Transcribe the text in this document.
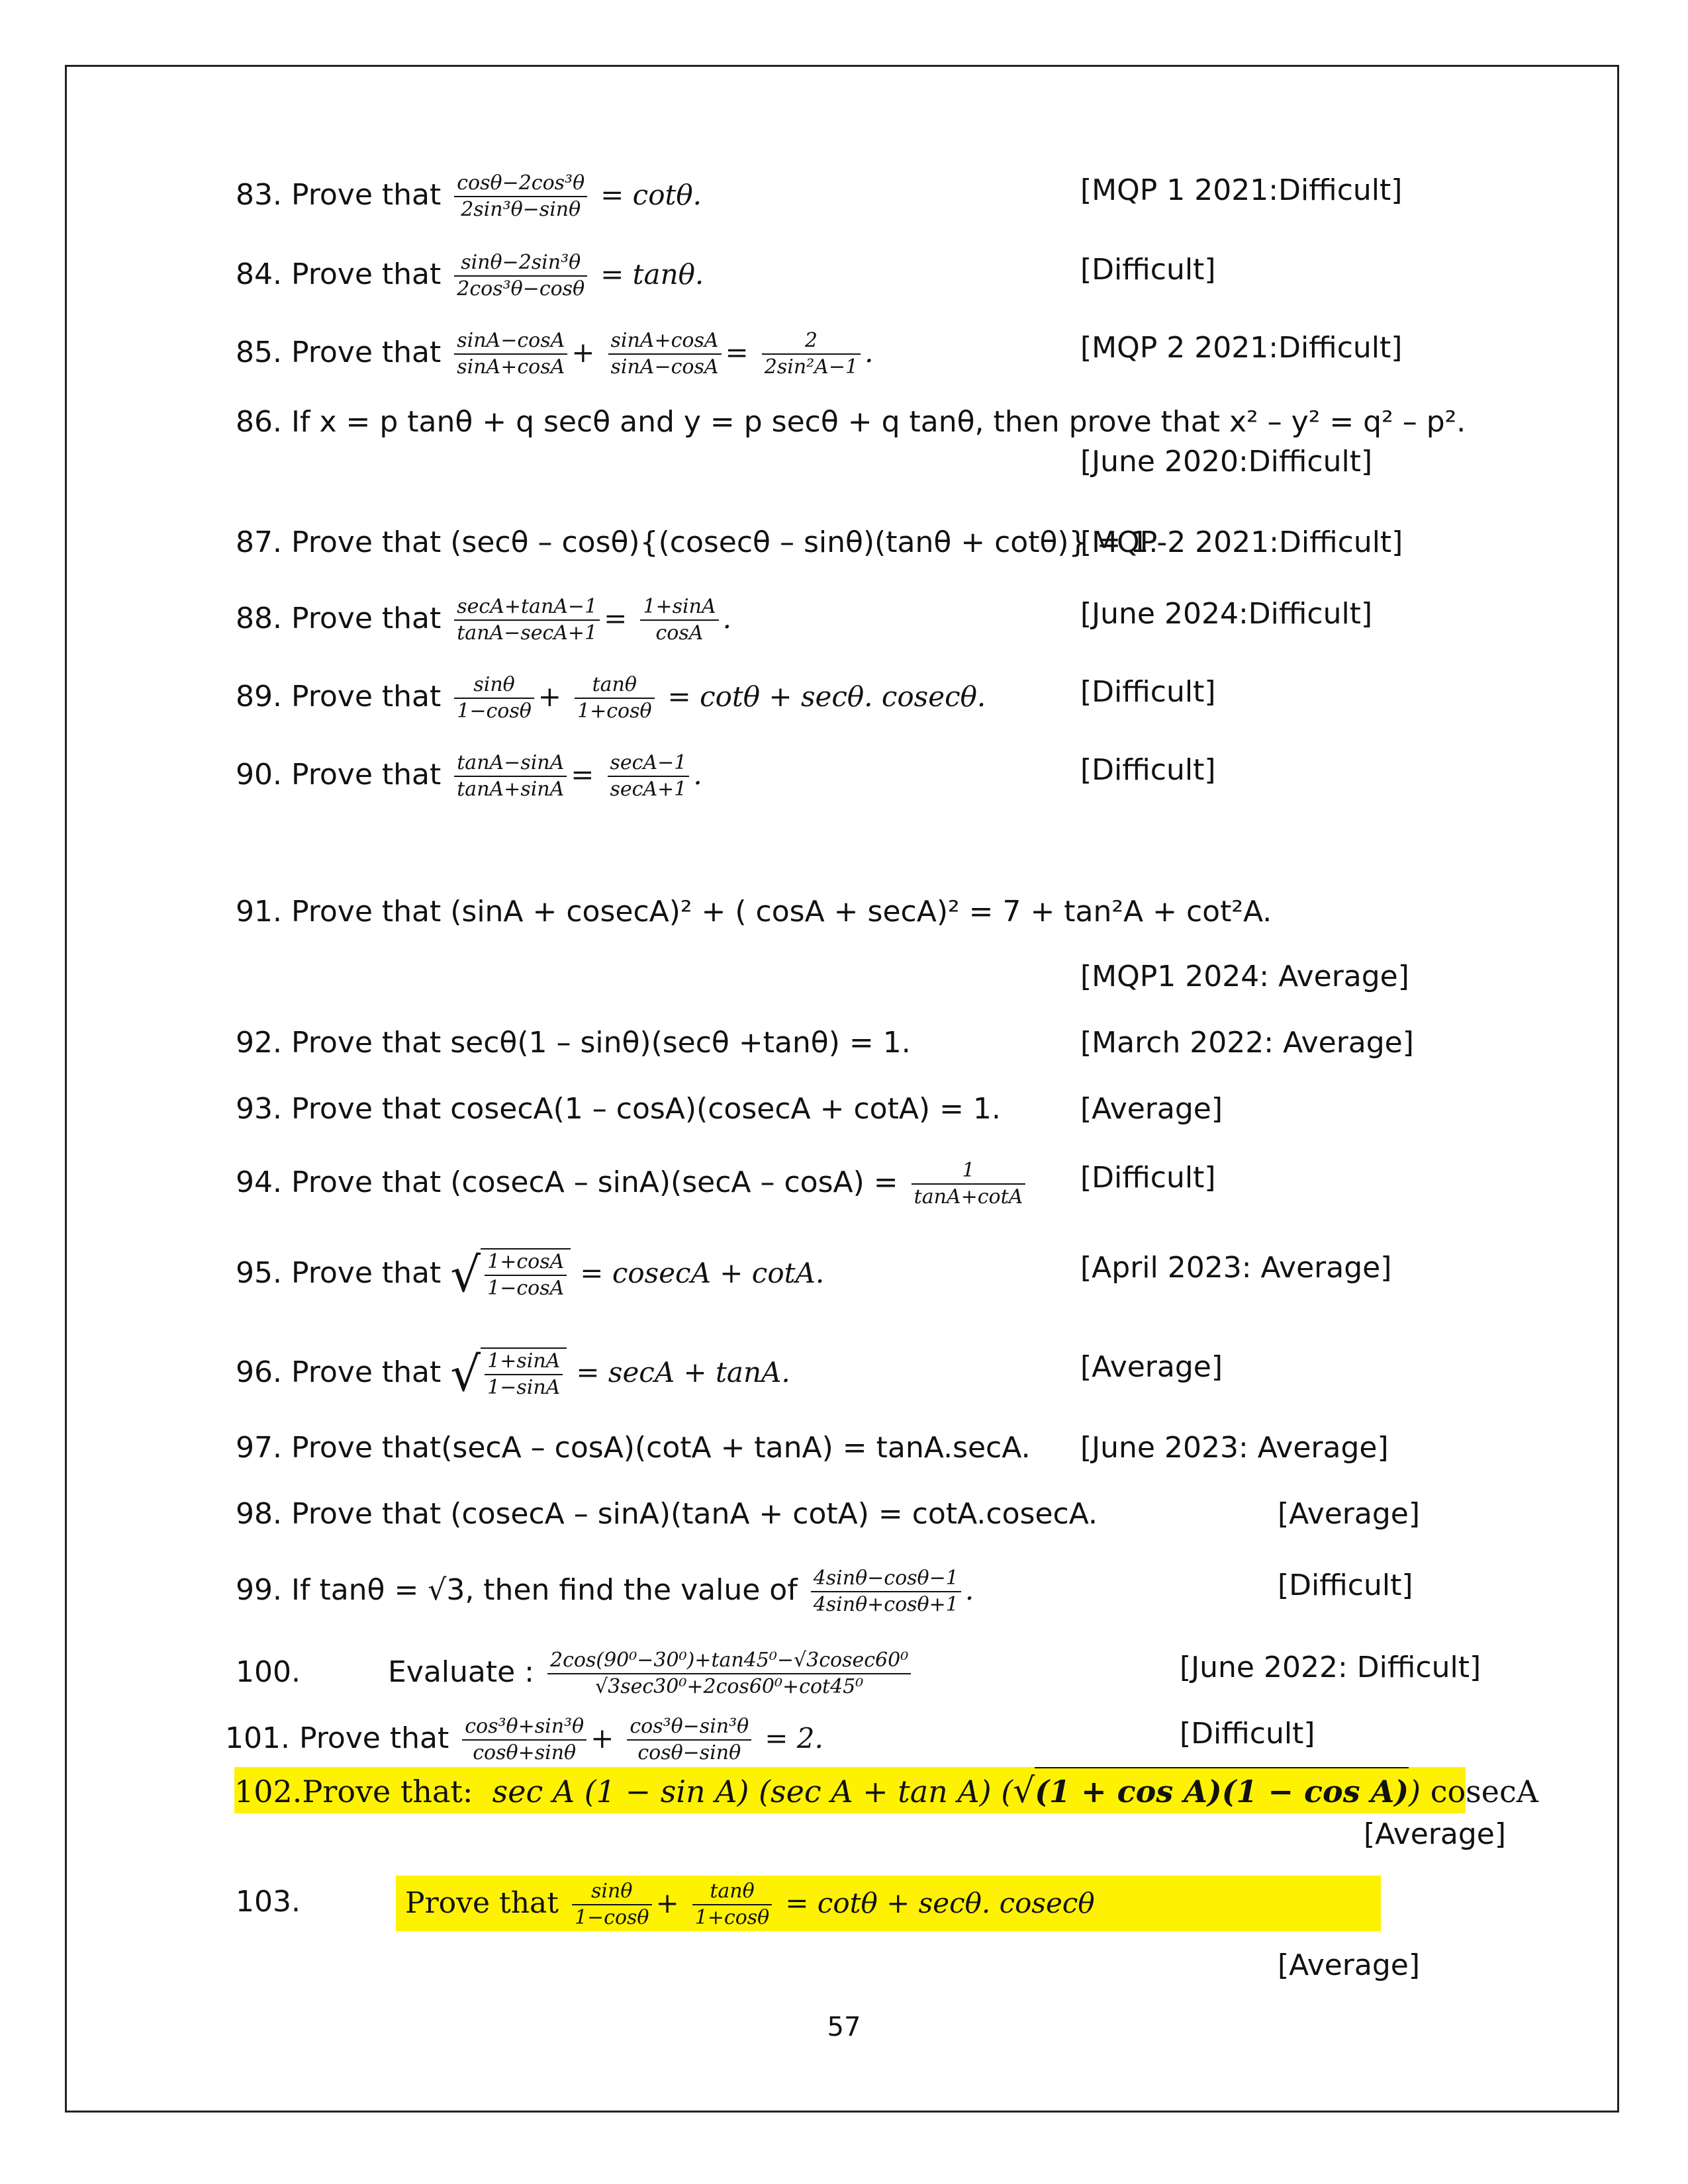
83. Prove that $\frac{\text{cosθ−2cos³θ}}{\text{2sin³θ−sinθ}} = \cot\theta$.	[MQP 1 2021:Difficult]
84. Prove that $\frac{\text{sinθ−2sin³θ}}{\text{2cos³θ−cosθ}} = \tan\theta$.	[Difficult]
85. Prove that $\frac{\sin A-\cos A}{\sin A+\cos A} + \frac{\sin A+\cos A}{\sin A-\cos A} = \frac{2}{\text{2sin²A−1}}$ .	[MQP 2 2021:Difficult]
86. If x = p tanθ + q secθ and y = p secθ + q tanθ, then prove that x² – y² = q² – p².
[June 2020:Difficult]
87. Prove that (secθ – cosθ){(cosecθ – sinθ)(tanθ + cotθ)} = 1.
[MQP-2 2021:Difficult]
88. Prove that $\frac{\sec A+\tan A-1}{\tan A-\sec A+1} = \frac{1+\sin A}{\cos A}$ .	[June 2024:Difficult]
89. Prove that $\frac{\sin\theta}{1-\cos\theta} + \frac{\tan\theta}{1+\cos\theta} = \cot\theta + \sec\theta$. cosecθ.	[Difficult]
90. Prove that $\frac{\tan A-\sin A}{\tan A+\sin A} = \frac{\sec A-1}{\sec A+1}$ .	[Difficult]
91. Prove that (sinA + cosecA)² + ( cosA + secA)² = 7 + tan²A + cot²A.
[MQP1 2024: Average]
92. Prove that secθ(1 – sinθ)(secθ +tanθ) = 1.	[March 2022: Average]
93. Prove that cosecA(1 – cosA)(cosecA + cotA) = 1.	[Average]
94. Prove that $(cosecA - \sin A)(\sec A - \cos A) = \frac{1}{\tan A+\cot A}$ [Difficult]
95. Prove that √ $\frac{1+\cos A}{1-\cos A} = cosecA + \cot A$.	[April 2023: Average]
96. Prove that √ $\frac{1+\sin A}{1-\sin A} = \sec A + \tan A$.	[Average]
97. Prove that(secA – cosA)(cotA + tanA) = tanA.secA. [June 2023: Average]
98. Prove that (cosecA – sinA)(tanA + cotA) = cotA.cosecA.	[Average]
99. If tanθ = √3, then find the value of $\frac{4\sin\theta-\cos\theta-1}{4\sin\theta+\cos\theta+1}$ .	[Difficult]
100.	Evaluate : $\frac{\text{2cos(90⁰−30⁰)+tan45⁰−√3cosec60⁰}}{\text{√3sec30⁰+2cos60⁰+cot45⁰}}$	[June 2022: Difficult]
101. Prove that $\frac{\text{cos³θ+sin³θ}}{\cos\theta+\sin\theta} + \frac{\text{cos³θ−sin³θ}}{\cos\theta-\sin\theta} = 2$.	[Difficult]
102.Prove that: sec A (1 − sin A) (sec A + tan A) (√(1 + cos A)(1 − cos A)) cosecA
[Average]
103.	Prove that $\frac{\sin\theta}{1-\cos\theta} + \frac{\tan\theta}{1+\cos\theta} = \cot\theta + \sec\theta$. cosecθ
[Average]
57
